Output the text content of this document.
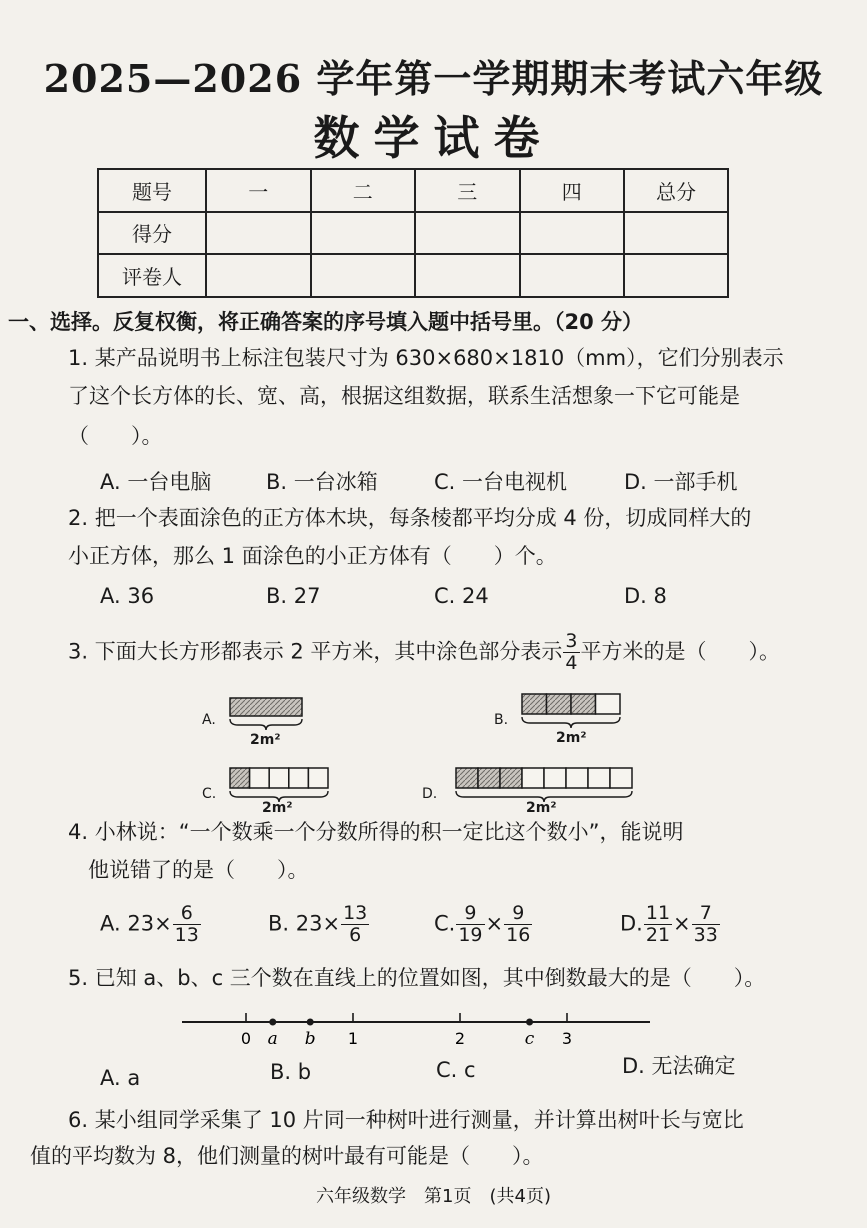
2025—2026 学年第一学期期末考试六年级
数学试卷
题号	一	二	三	四	总分
得分					
评卷人					
一、选择。反复权衡，将正确答案的序号填入题中括号里。（20 分）
1. 某产品说明书上标注包装尺寸为 630×680×1810（mm），它们分别表示
了这个长方体的长、宽、高，根据这组数据，联系生活想象一下它可能是
（　　）。
A. 一台电脑	B. 一台冰箱	C. 一台电视机	D. 一部手机
2. 把一个表面涂色的正方体木块，每条棱都平均分成 4 份，切成同样大的
小正方体，那么 1 面涂色的小正方体有（　　）个。
A. 36	B. 27	C. 24	D. 8
3. 下面大长方形都表示 2 平方米，其中涂色部分表示 $\frac{3}{4}$ 平方米的是（　　）。
A.	B.
C.	D.
2m²	2m²
2m²	2m²
4. 小林说：“一个数乘一个分数所得的积一定比这个数小”，能说明
他说错了的是（　　）。
A. $23\times \frac{6}{13}$	B. $23\times \frac{13}{6}$	C. $\frac{9}{19} \times \frac{9}{16}$	D. $\frac{11}{21} \times \frac{7}{33}$
5. 已知 a、b、c 三个数在直线上的位置如图，其中倒数最大的是（　　）。
0	1	2	3
a b	c
A. a	B. b	C. c	D. 无法确定
6. 某小组同学采集了 10 片同一种树叶进行测量，并计算出树叶长与宽比
值的平均数为 8，他们测量的树叶最有可能是（　　）。
六年级数学　第1页　(共4页)
